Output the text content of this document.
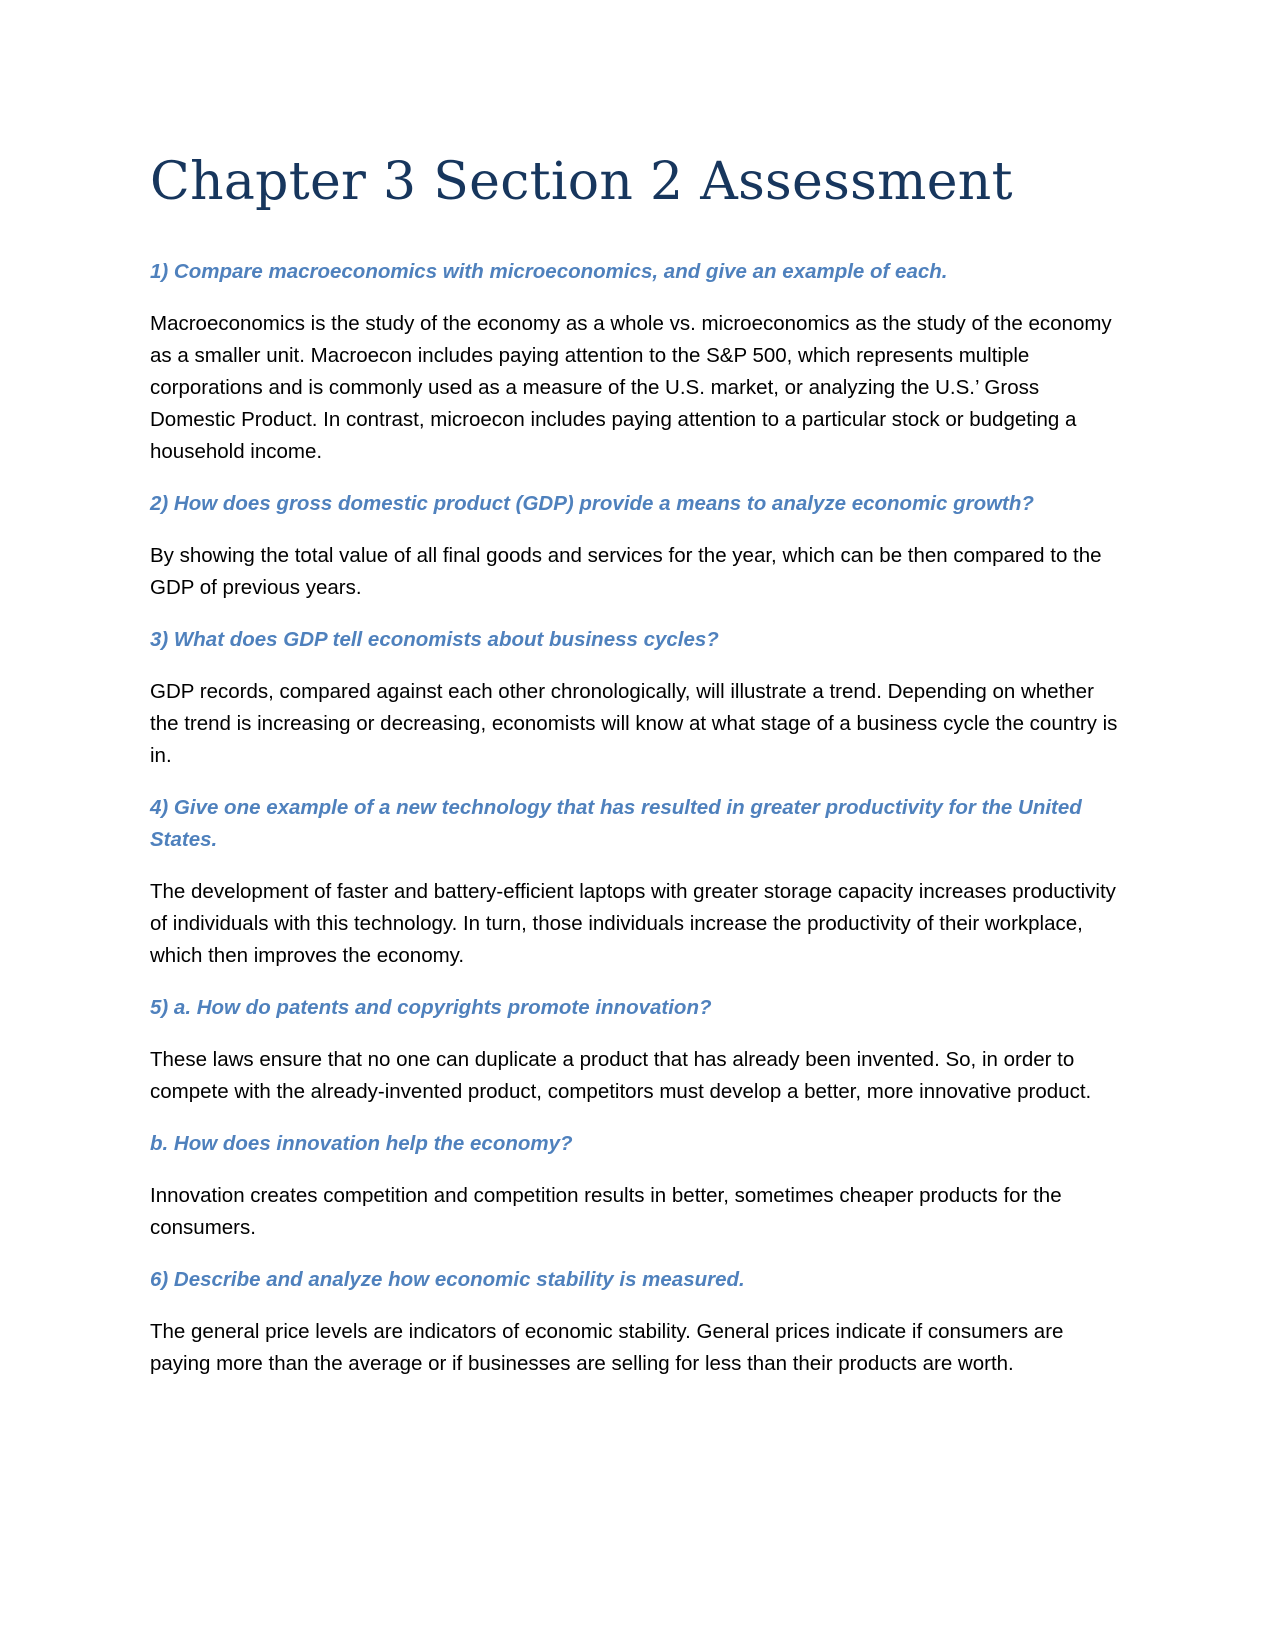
Chapter 3 Section 2 Assessment

1) Compare macroeconomics with microeconomics, and give an example of each.

Macroeconomics is the study of the economy as a whole vs. microeconomics as the study of the economy as a smaller unit. Macroecon includes paying attention to the S&P 500, which represents multiple corporations and is commonly used as a measure of the U.S. market, or analyzing the U.S.’ Gross Domestic Product. In contrast, microecon includes paying attention to a particular stock or budgeting a household income.

2) How does gross domestic product (GDP) provide a means to analyze economic growth?

By showing the total value of all final goods and services for the year, which can be then compared to the GDP of previous years.

3) What does GDP tell economists about business cycles?

GDP records, compared against each other chronologically, will illustrate a trend. Depending on whether the trend is increasing or decreasing, economists will know at what stage of a business cycle the country is in.

4) Give one example of a new technology that has resulted in greater productivity for the United States.

The development of faster and battery-efficient laptops with greater storage capacity increases productivity of individuals with this technology. In turn, those individuals increase the productivity of their workplace, which then improves the economy.

5) a. How do patents and copyrights promote innovation?

These laws ensure that no one can duplicate a product that has already been invented. So, in order to compete with the already-invented product, competitors must develop a better, more innovative product.

b. How does innovation help the economy?

Innovation creates competition and competition results in better, sometimes cheaper products for the consumers.

6) Describe and analyze how economic stability is measured.

The general price levels are indicators of economic stability. General prices indicate if consumers are paying more than the average or if businesses are selling for less than their products are worth.
